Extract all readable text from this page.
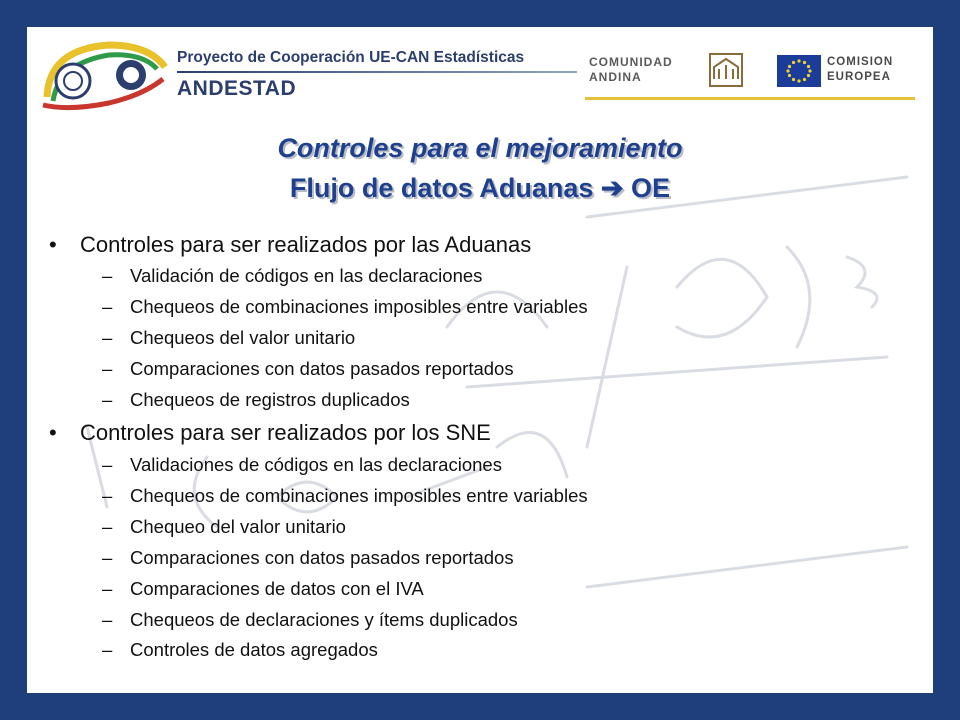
Proyecto de Cooperación UE-CAN Estadísticas
ANDESTAD
COMUNIDAD
ANDINA
COMISION
EUROPEA
Controles para el mejoramiento
Flujo de datos Aduanas ➔ OE
• Controles para ser realizados por las Aduanas
– Validación de códigos en las declaraciones
– Chequeos de combinaciones imposibles entre variables
– Chequeos del valor unitario
– Comparaciones con datos pasados reportados
– Chequeos de registros duplicados
• Controles para ser realizados por los SNE
– Validaciones de códigos en las declaraciones
– Chequeos de combinaciones imposibles entre variables
– Chequeo del valor unitario
– Comparaciones con datos pasados reportados
– Comparaciones de datos con el IVA
– Chequeos de declaraciones y ítems duplicados
– Controles de datos agregados
